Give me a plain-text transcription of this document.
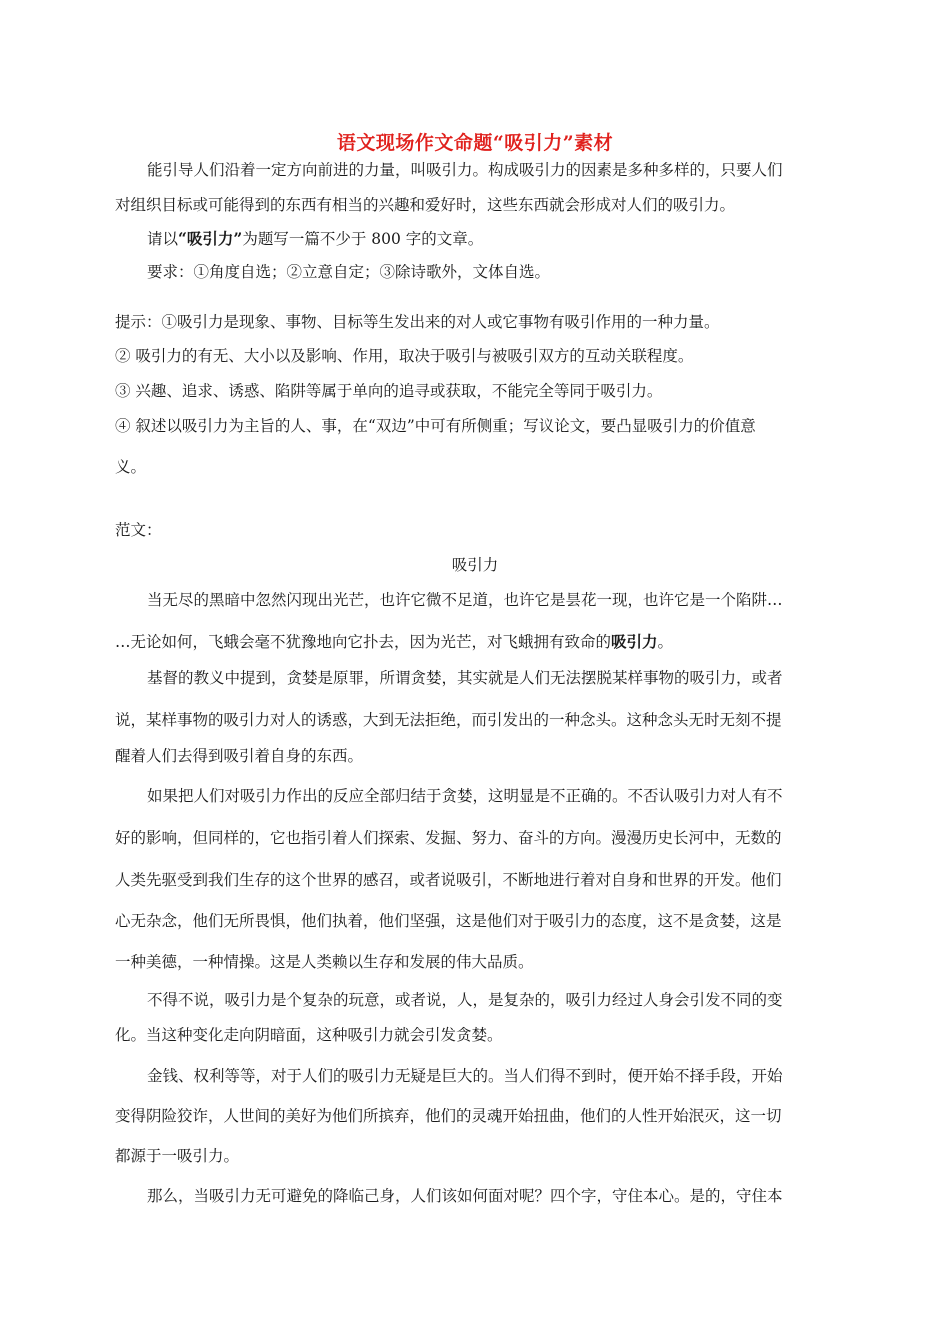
语文现场作文命题“吸引力”素材
能引导人们沿着一定方向前进的力量，叫吸引力。构成吸引力的因素是多种多样的，只要人们
对组织目标或可能得到的东西有相当的兴趣和爱好时，这些东西就会形成对人们的吸引力。
请以“吸引力”为题写一篇不少于 800 字的文章。
要求：①角度自选；②立意自定；③除诗歌外，文体自选。
提示：①吸引力是现象、事物、目标等生发出来的对人或它事物有吸引作用的一种力量。
② 吸引力的有无、大小以及影响、作用，取决于吸引与被吸引双方的互动关联程度。
③ 兴趣、追求、诱惑、陷阱等属于单向的追寻或获取，不能完全等同于吸引力。
④ 叙述以吸引力为主旨的人、事，在“双边”中可有所侧重；写议论文，要凸显吸引力的价值意
义。
范文：
吸引力
当无尽的黑暗中忽然闪现出光芒，也许它微不足道，也许它是昙花一现，也许它是一个陷阱…
…无论如何，飞蛾会毫不犹豫地向它扑去，因为光芒，对飞蛾拥有致命的吸引力。
基督的教义中提到，贪婪是原罪，所谓贪婪，其实就是人们无法摆脱某样事物的吸引力，或者
说，某样事物的吸引力对人的诱惑，大到无法拒绝，而引发出的一种念头。这种念头无时无刻不提
醒着人们去得到吸引着自身的东西。
如果把人们对吸引力作出的反应全部归结于贪婪，这明显是不正确的。不否认吸引力对人有不
好的影响，但同样的，它也指引着人们探索、发掘、努力、奋斗的方向。漫漫历史长河中，无数的
人类先驱受到我们生存的这个世界的感召，或者说吸引，不断地进行着对自身和世界的开发。他们
心无杂念，他们无所畏惧，他们执着，他们坚强，这是他们对于吸引力的态度，这不是贪婪，这是
一种美德，一种情操。这是人类赖以生存和发展的伟大品质。
不得不说，吸引力是个复杂的玩意，或者说，人，是复杂的，吸引力经过人身会引发不同的变
化。当这种变化走向阴暗面，这种吸引力就会引发贪婪。
金钱、权利等等，对于人们的吸引力无疑是巨大的。当人们得不到时，便开始不择手段，开始
变得阴险狡诈，人世间的美好为他们所摈弃，他们的灵魂开始扭曲，他们的人性开始泯灭，这一切
都源于一吸引力。
那么，当吸引力无可避免的降临己身，人们该如何面对呢？四个字，守住本心。是的，守住本
